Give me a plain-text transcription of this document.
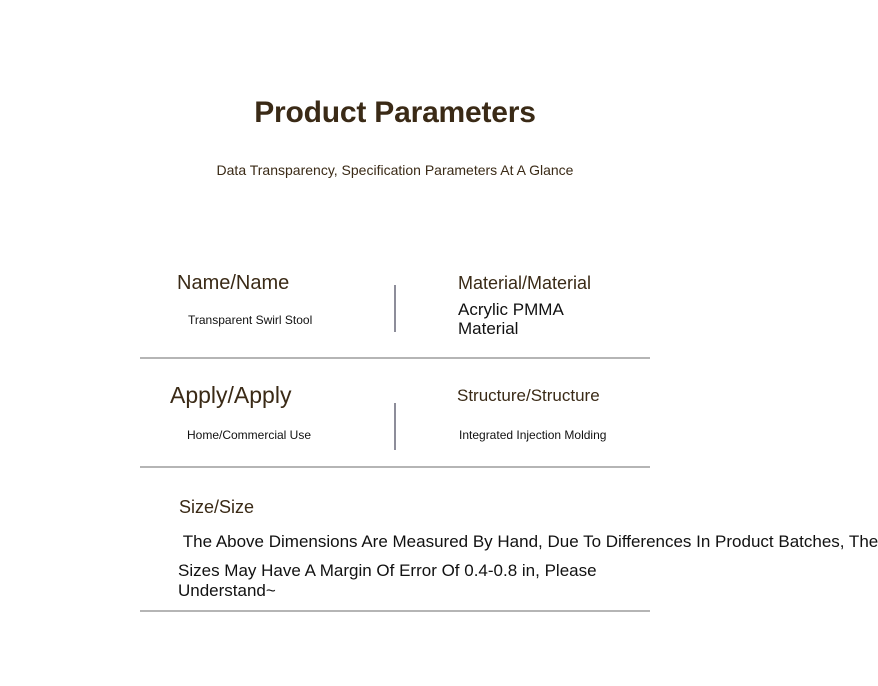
Product Parameters
Data Transparency, Specification Parameters At A Glance
Name/Name
Transparent Swirl Stool
Material/Material
Acrylic PMMA
Material
Apply/Apply
Home/Commercial Use
Structure/Structure
Integrated Injection Molding
Size/Size
The Above Dimensions Are Measured By Hand, Due To Differences In Product Batches, The
Sizes May Have A Margin Of Error Of 0.4-0.8 in, Please
Understand~
